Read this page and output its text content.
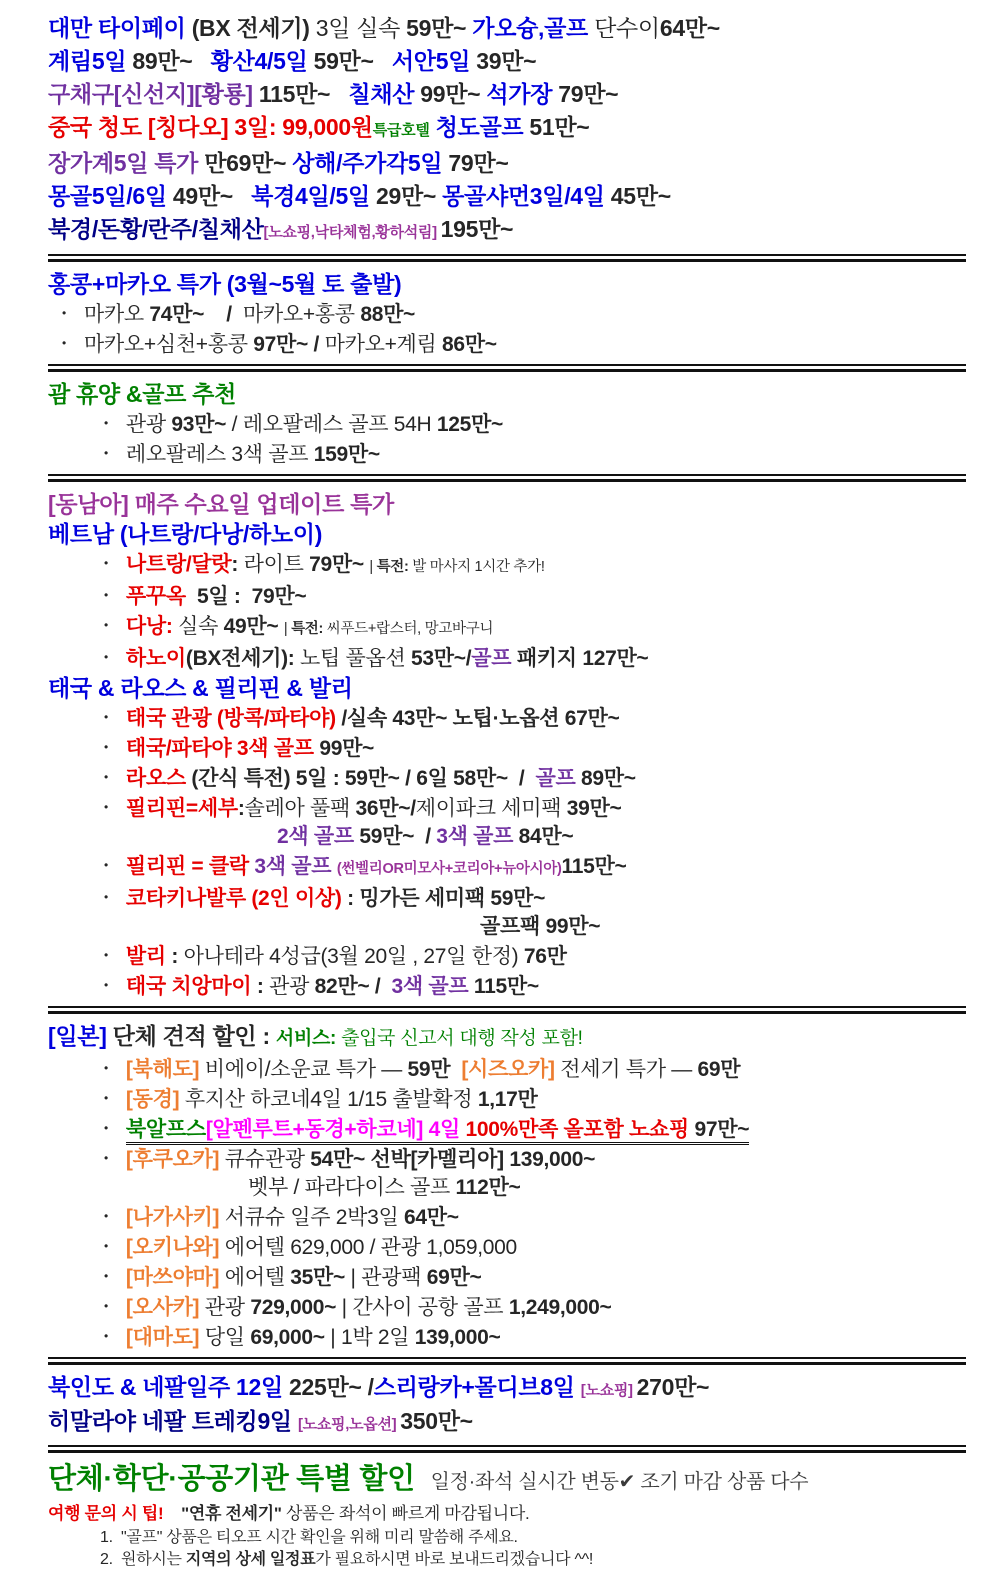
대만 타이페이 (BX 전세기) 3일 실속 59만~ 가오슝,골프 단수이64만~
계림5일 89만~   황산4/5일 59만~   서안5일 39만~
구채구[신선지][황룡] 115만~   칠채산 99만~ 석가장 79만~
중국 청도 [칭다오] 3일: 99,000원특급호텔 청도골프 51만~
장가계5일 특가 만69만~ 상해/주가각5일 79만~
몽골5일/6일 49만~   북경4일/5일 29만~ 몽골샤먼3일/4일 45만~
북경/돈황/란주/칠채산[노쇼핑,낙타체험,황하석림] 195만~
홍콩+마카오 특가 (3월~5월 토 출발)
• 마카오 74만~    /  마카오+홍콩 88만~
• 마카오+심천+홍콩 97만~ / 마카오+계림 86만~
괌 휴양 &골프 추천
• 관광 93만~ / 레오팔레스 골프 54H 125만~
• 레오팔레스 3색 골프 159만~
[동남아] 매주 수요일 업데이트 특가
베트남 (나트랑/다낭/하노이)
• 나트랑/달랏: 라이트 79만~ | 특전: 발 마사지 1시간 추가!
• 푸꾸옥  5일 :  79만~
• 다낭: 실속 49만~ | 특전: 씨푸드+랍스터, 망고바구니
• 하노이(BX전세기): 노팁 풀옵션 53만~/골프 패키지 127만~
태국 & 라오스 & 필리핀 & 발리
• 태국 관광 (방콕/파타야) /실속 43만~ 노팁·노옵션 67만~
• 태국/파타야 3색 골프 99만~
• 라오스 (간식 특전) 5일 : 59만~ / 6일 58만~  /  골프 89만~
• 필리핀=세부:솔레아 풀팩 36만~/제이파크 세미팩 39만~
2색 골프 59만~  / 3색 골프 84만~
• 필리핀 = 클락 3색 골프 (썬벨리OR미모사+코리아+뉴아시아)115만~
• 코타키나발루 (2인 이상) : 밍가든 세미팩 59만~
골프팩 99만~
• 발리 : 아나테라 4성급(3월 20일 , 27일 한정) 76만
• 태국 치앙마이 : 관광 82만~ /  3색 골프 115만~
[일본] 단체 견적 할인 : 서비스: 출입국 신고서 대행 작성 포함!
• [북해도] 비에이/소운쿄 특가 — 59만  [시즈오카] 전세기 특가 — 69만
• [동경] 후지산 하코네4일 1/15 출발확정 1,17만
• 북알프스[알펜루트+동경+하코네] 4일 100%만족 올포함 노쇼핑 97만~
• [후쿠오카] 큐슈관광 54만~ 선박[카멜리아] 139,000~
벳부 / 파라다이스 골프 112만~
• [나가사키] 서큐슈 일주 2박3일 64만~
• [오키나와] 에어텔 629,000 / 관광 1,059,000
• [마쓰야마] 에어텔 35만~ | 관광팩 69만~
• [오사카] 관광 729,000~ | 간사이 공항 골프 1,249,000~
• [대마도] 당일 69,000~ | 1박 2일 139,000~
북인도 & 네팔일주 12일 225만~ /스리랑카+몰디브8일 [노쇼핑] 270만~
히말라야 네팔 트레킹9일 [노쇼핑,노옵션] 350만~
단체·학단·공공기관 특별 할인   일정·좌석 실시간 변동✔ 조기 마감 상품 다수
여행 문의 시 팁!    "연휴 전세기" 상품은 좌석이 빠르게 마감됩니다.
1.  "골프" 상품은 티오프 시간 확인을 위해 미리 말씀해 주세요.
2.  원하시는 지역의 상세 일정표가 필요하시면 바로 보내드리겠습니다 ^^!
